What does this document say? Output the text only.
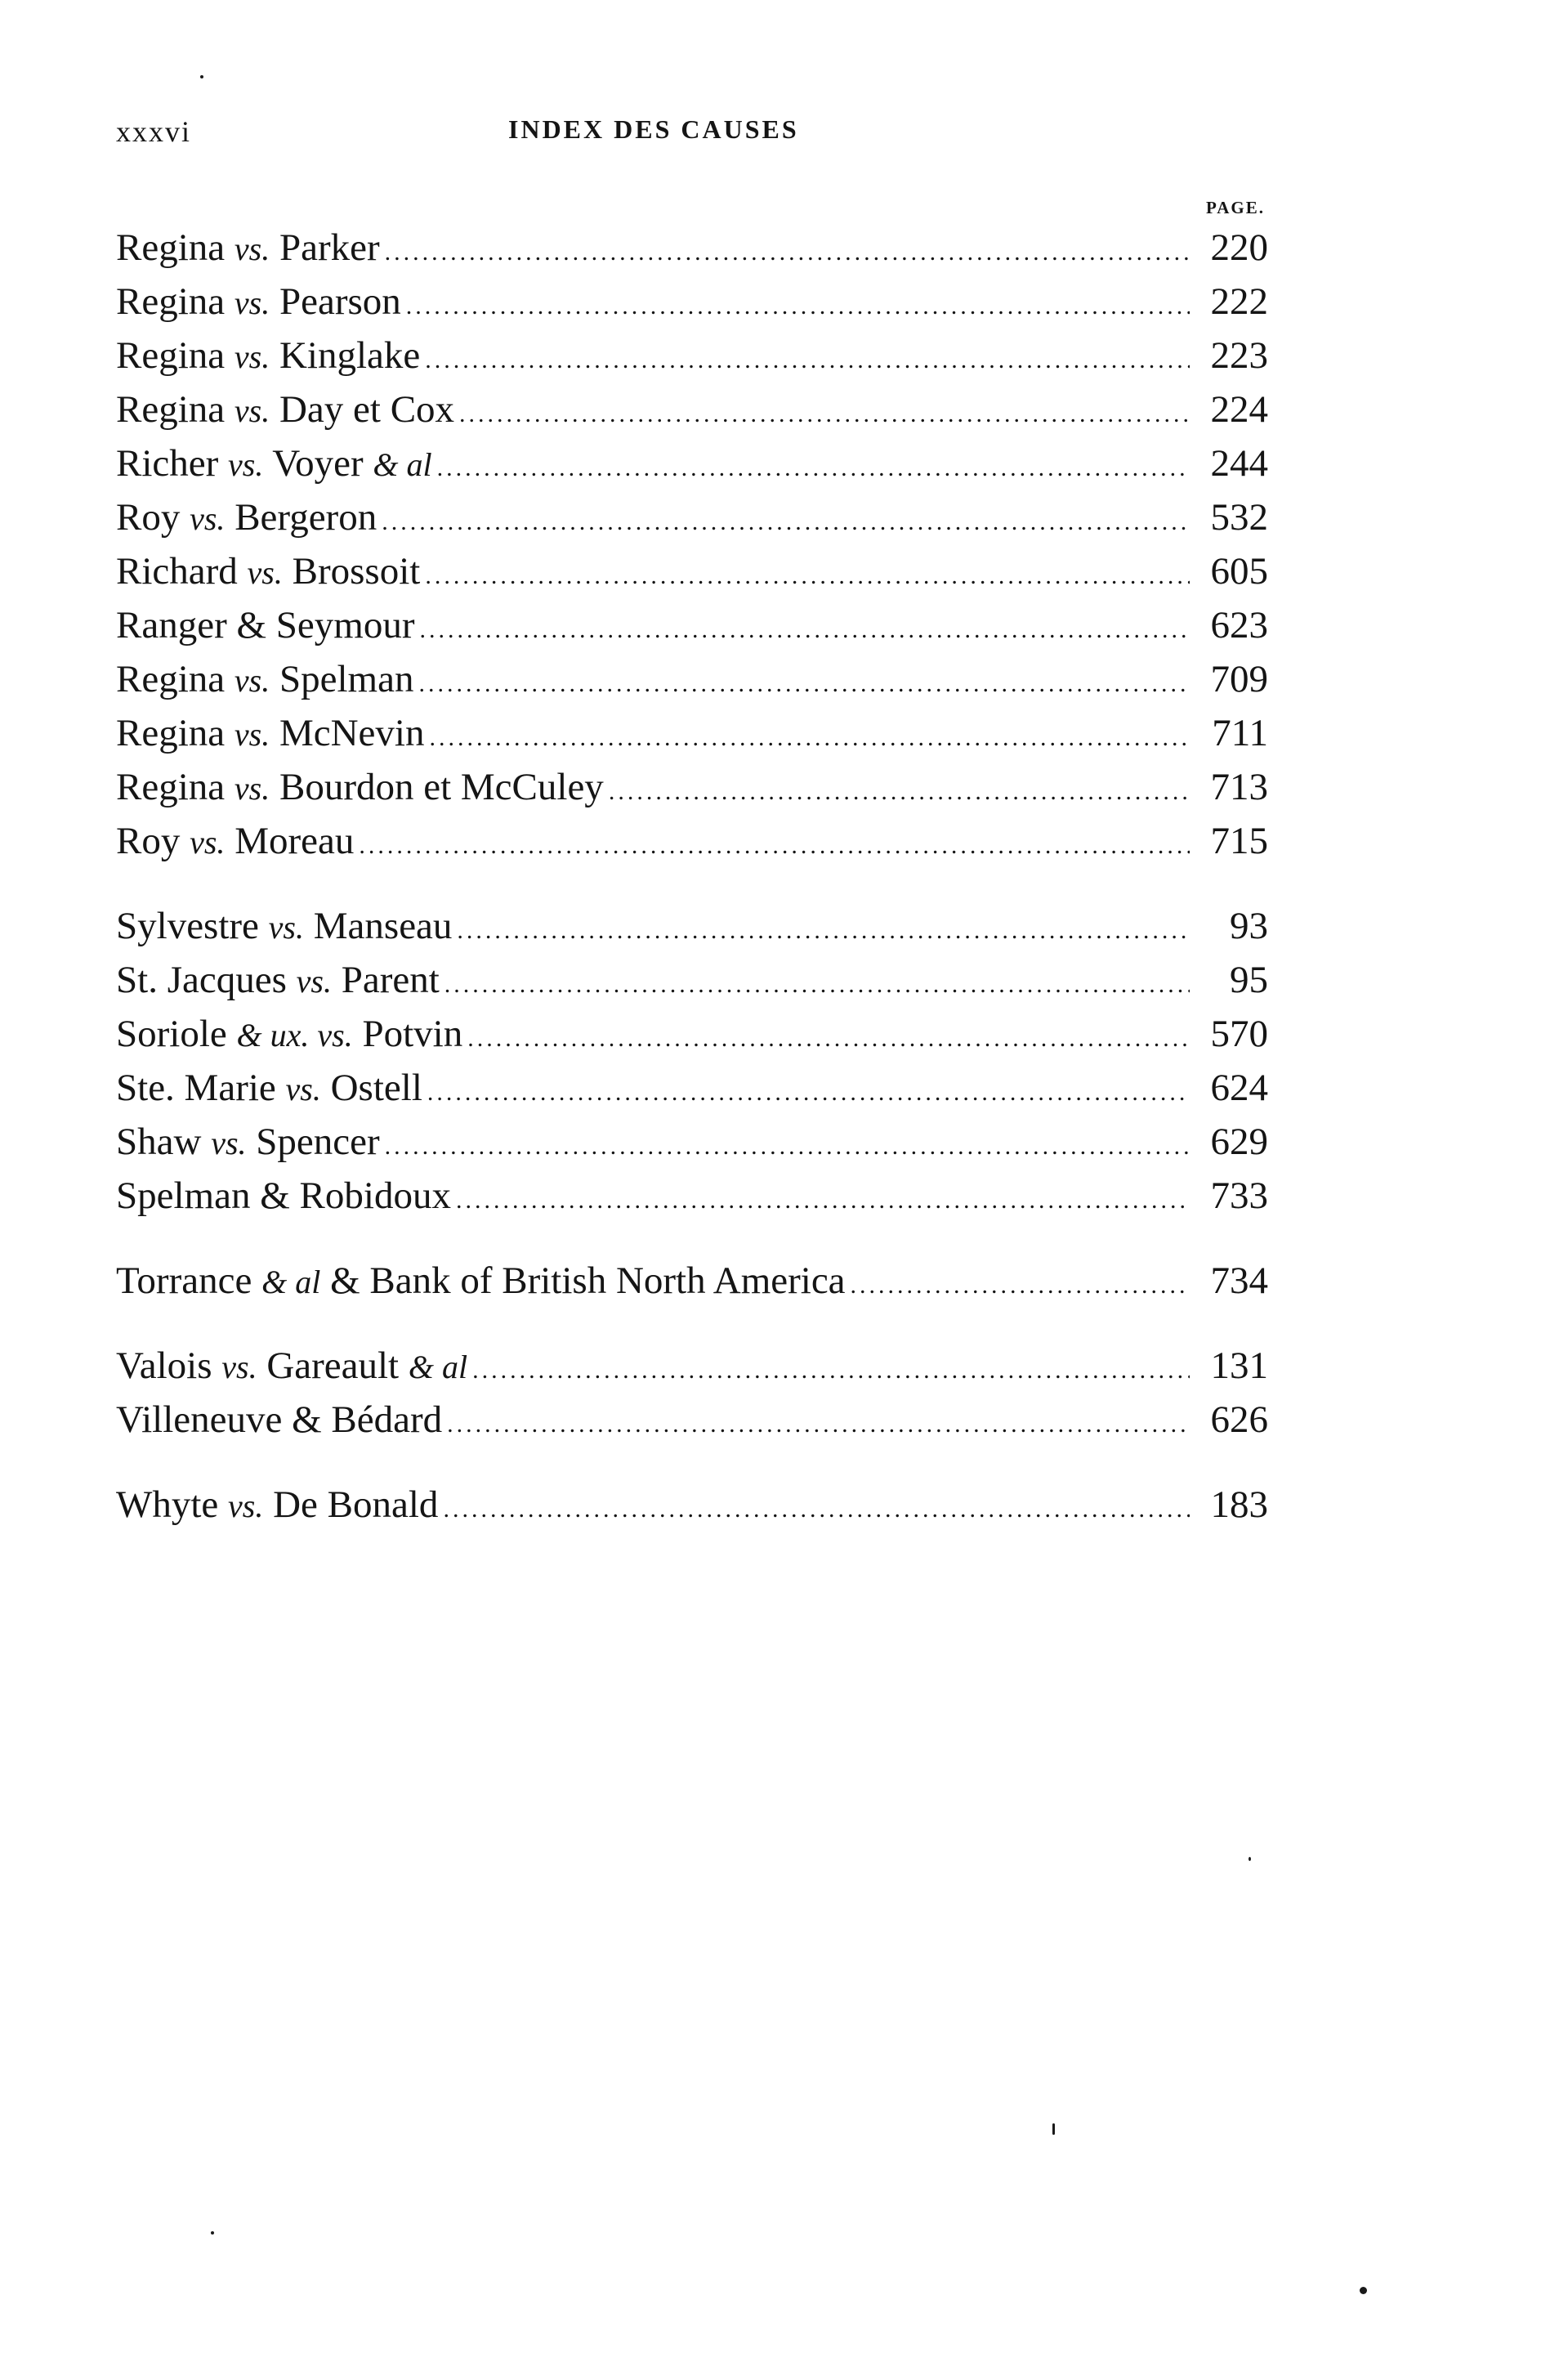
xxxvi	INDEX DES CAUSES
PAGE.
Regina vs. Parker .....	220
Regina vs. Pearson .....	222
Regina vs. Kinglake .....	223
Regina vs. Day et Cox .....	224
Richer vs. Voyer & al .....	244
Roy vs. Bergeron .....	532
Richard vs. Brossoit .....	605
Ranger & Seymour .....	623
Regina vs. Spelman .....	709
Regina vs. McNevin .....	711
Regina vs. Bourdon et McCuley .....	713
Roy vs. Moreau .....	715
Sylvestre vs. Manseau .....	93
St. Jacques vs. Parent .....	95
Soriole & ux. vs. Potvin .....	570
Ste. Marie vs. Ostell .....	624
Shaw vs. Spencer .....	629
Spelman & Robidoux .....	733
Torrance & al & Bank of British North America .....	734
Valois vs. Gareault & al .....	131
Villeneuve & Bédard .....	626
Whyte vs. De Bonald .....	183
